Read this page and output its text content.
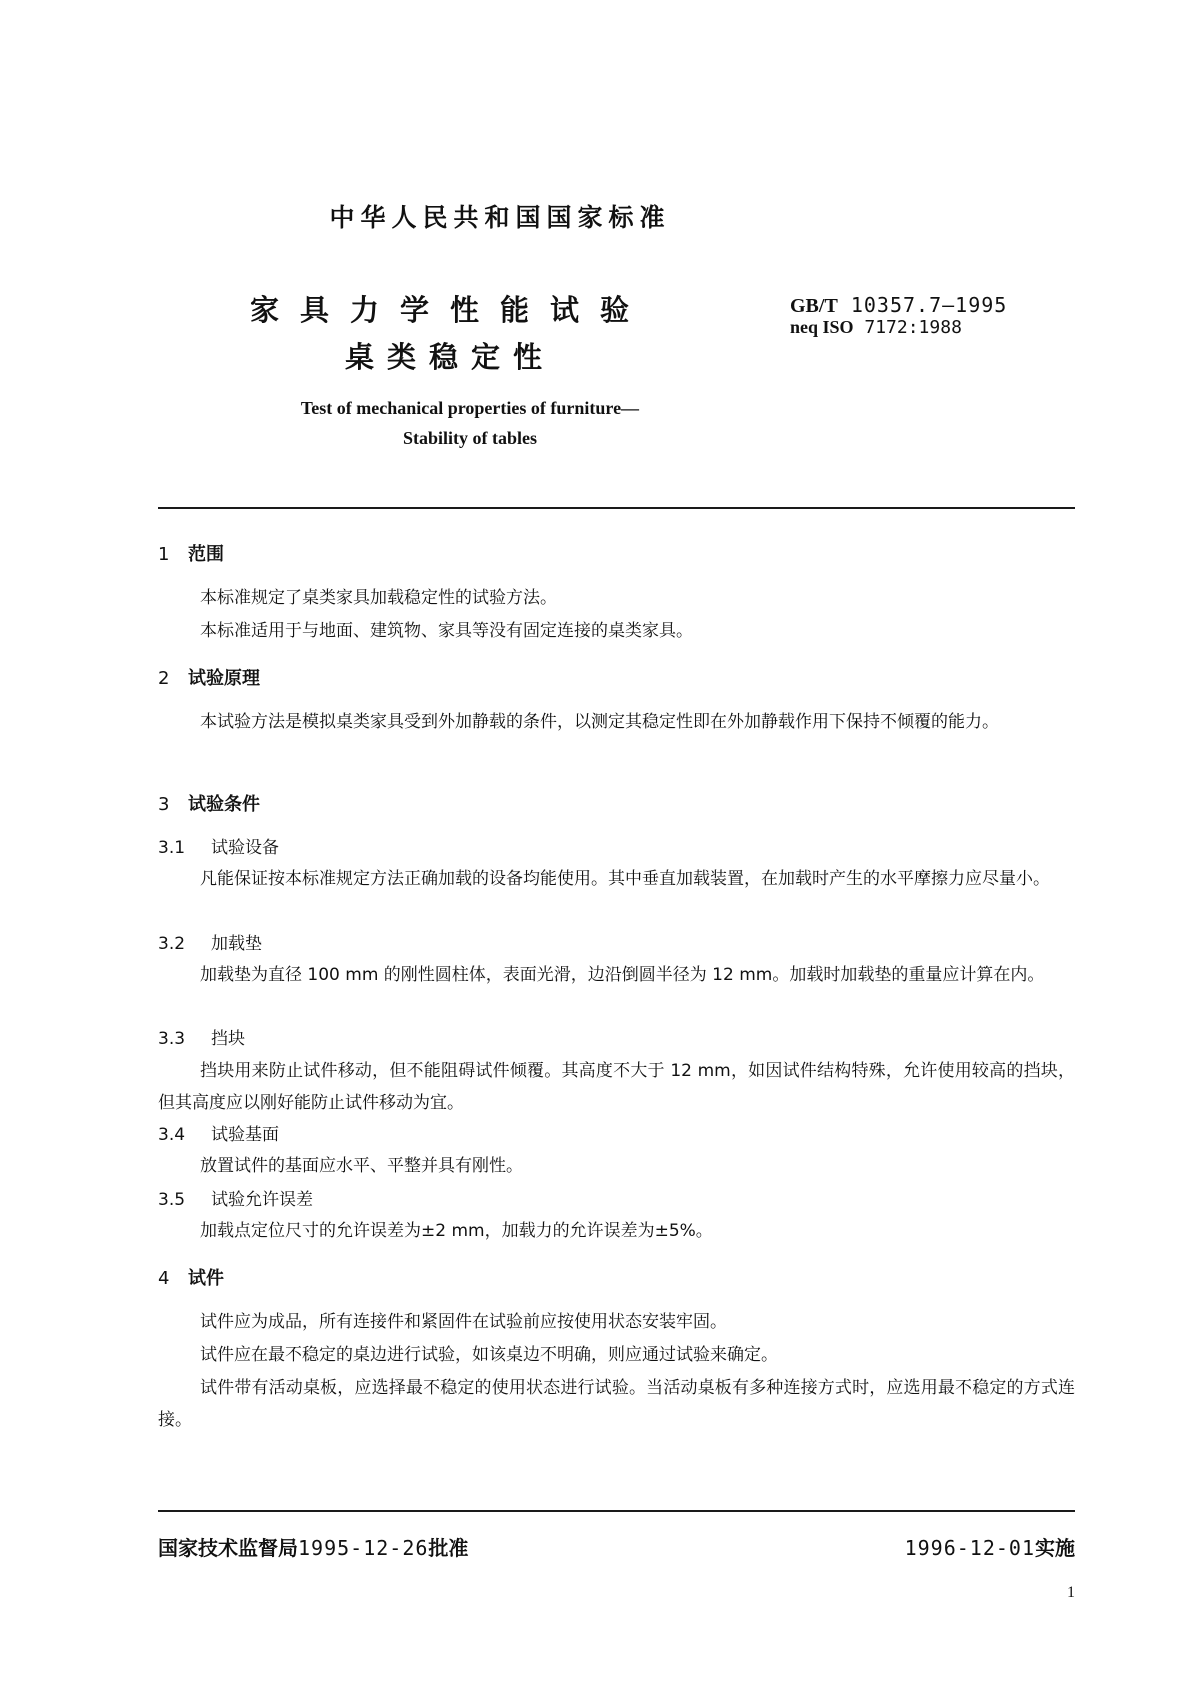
中华人民共和国国家标准
家具力学性能试验
桌类稳定性
GB/T 10357.7—1995
neq ISO 7172:1988
Test of mechanical properties of furniture—
Stability of tables
1 范围

本标准规定了桌类家具加载稳定性的试验方法。

本标准适用于与地面、建筑物、家具等没有固定连接的桌类家具。

2 试验原理

本试验方法是模拟桌类家具受到外加静载的条件，以测定其稳定性即在外加静载作用下保持不倾覆的能力。

3 试验条件
3.1 试验设备

凡能保证按本标准规定方法正确加载的设备均能使用。其中垂直加载装置，在加载时产生的水平摩擦力应尽量小。

3.2 加载垫

加载垫为直径 100 mm 的刚性圆柱体，表面光滑，边沿倒圆半径为 12 mm。加载时加载垫的重量应计算在内。

3.3 挡块

挡块用来防止试件移动，但不能阻碍试件倾覆。其高度不大于 12 mm，如因试件结构特殊，允许使用较高的挡块，但其高度应以刚好能防止试件移动为宜。

3.4 试验基面

放置试件的基面应水平、平整并具有刚性。

3.5 试验允许误差

加载点定位尺寸的允许误差为±2 mm，加载力的允许误差为±5%。

4 试件

试件应为成品，所有连接件和紧固件在试验前应按使用状态安装牢固。

试件应在最不稳定的桌边进行试验，如该桌边不明确，则应通过试验来确定。

试件带有活动桌板，应选择最不稳定的使用状态进行试验。当活动桌板有多种连接方式时，应选用最不稳定的方式连接。

国家技术监督局1995-12-26批准	1996-12-01实施
1
